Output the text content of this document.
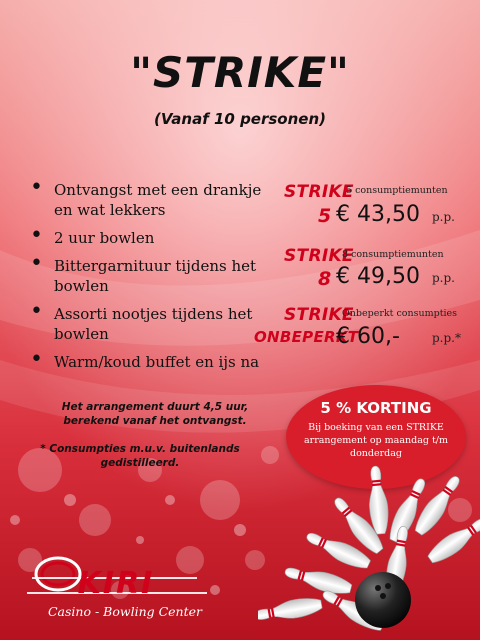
"STRIKE"
(Vanaf 10 personen)
• Ontvangst met een drankje en wat lekkers
• 2 uur bowlen
• Bittergarnituur tijdens het bowlen
• Assorti nootjes tijdens het bowlen
• Warm/koud buffet en ijs na
Het arrangement duurt 4,5 uur, berekend vanaf het ontvangst.
* Consumpties m.u.v. buitenlands gedistilleerd.
STRIKE
5 consumptiemunten
5 € 43,50 p.p.
STRIKE
8 consumptiemunten
8 € 49,50 p.p.
STRIKE
Onbeperkt consumpties
ONBEPERKT
€ 60,-	p.p.*
5 % KORTING
Bij boeking van een STRIKE arrangement op maandag t/m donderdag
KIRI
Casino - Bowling Center
